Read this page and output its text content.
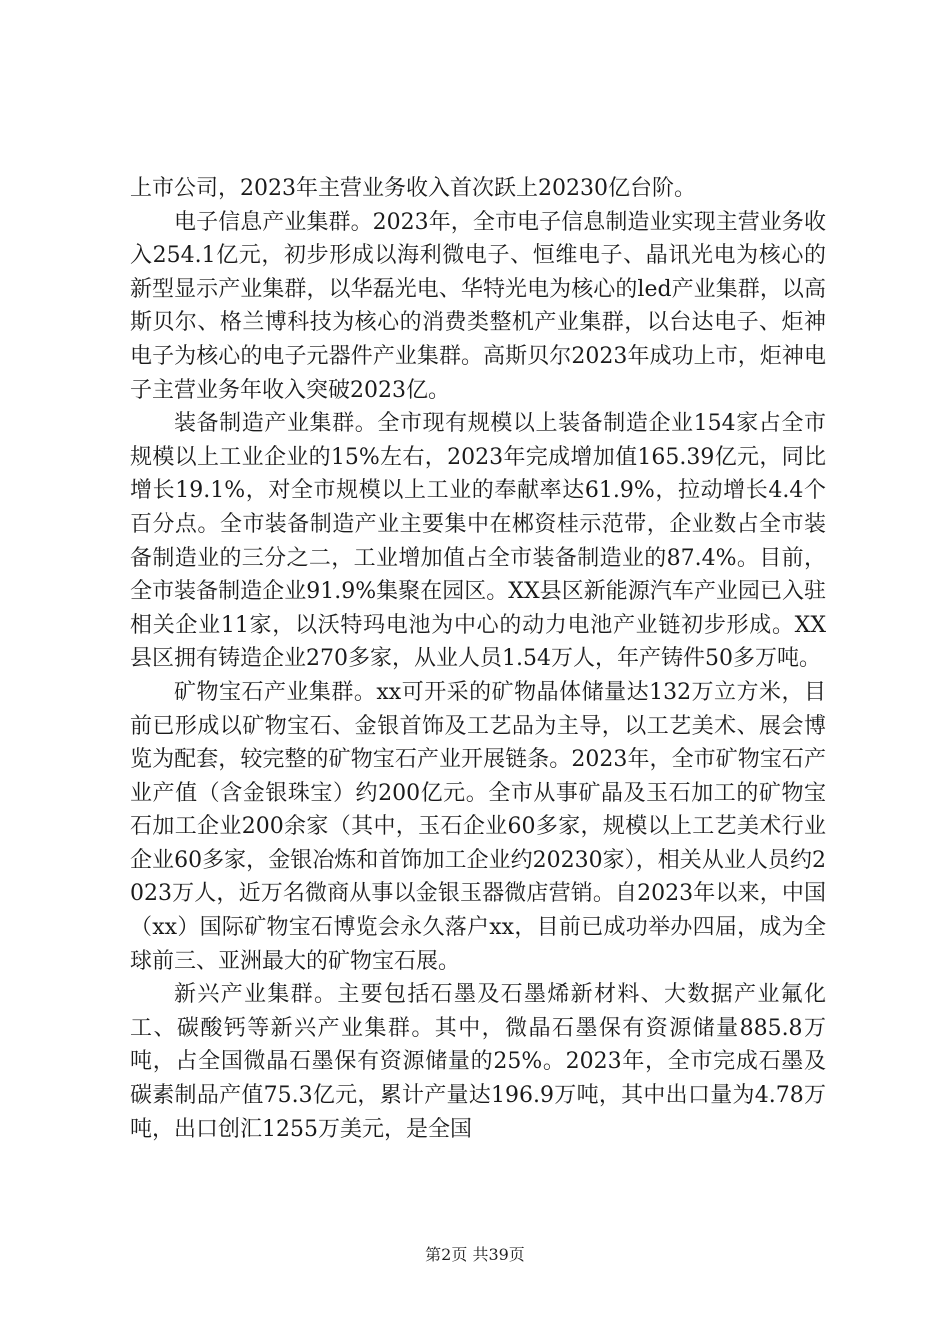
上市公司，2023年主营业务收入首次跃上20230亿台阶。

电子信息产业集群。2023年，全市电子信息制造业实现主营业务收入254.1亿元，初步形成以海利微电子、恒维电子、晶讯光电为核心的新型显示产业集群，以华磊光电、华特光电为核心的led产业集群，以高斯贝尔、格兰博科技为核心的消费类整机产业集群，以台达电子、炬神电子为核心的电子元器件产业集群。高斯贝尔2023年成功上市，炬神电子主营业务年收入突破2023亿。

装备制造产业集群。全市现有规模以上装备制造企业154家占全市规模以上工业企业的15%左右，2023年完成增加值165.39亿元，同比增长19.1%，对全市规模以上工业的奉献率达61.9%，拉动增长4.4个百分点。全市装备制造产业主要集中在郴资桂示范带，企业数占全市装备制造业的三分之二，工业增加值占全市装备制造业的87.4%。目前，全市装备制造企业91.9%集聚在园区。XX县区新能源汽车产业园已入驻相关企业11家，以沃特玛电池为中心的动力电池产业链初步形成。XX县区拥有铸造企业270多家，从业人员1.54万人，年产铸件50多万吨。

矿物宝石产业集群。xx可开采的矿物晶体储量达132万立方米，目前已形成以矿物宝石、金银首饰及工艺品为主导，以工艺美术、展会博览为配套，较完整的矿物宝石产业开展链条。2023年，全市矿物宝石产业产值（含金银珠宝）约200亿元。全市从事矿晶及玉石加工的矿物宝石加工企业200余家（其中，玉石企业60多家，规模以上工艺美术行业企业60多家，金银冶炼和首饰加工企业约20230家），相关从业人员约2023万人，近万名微商从事以金银玉器微店营销。自2023年以来，中国（xx）国际矿物宝石博览会永久落户xx，目前已成功举办四届，成为全球前三、亚洲最大的矿物宝石展。

新兴产业集群。主要包括石墨及石墨烯新材料、大数据产业氟化工、碳酸钙等新兴产业集群。其中，微晶石墨保有资源储量885.8万吨，占全国微晶石墨保有资源储量的25%。2023年，全市完成石墨及碳素制品产值75.3亿元，累计产量达196.9万吨，其中出口量为4.78万吨，出口创汇1255万美元，是全国

第2页 共39页
